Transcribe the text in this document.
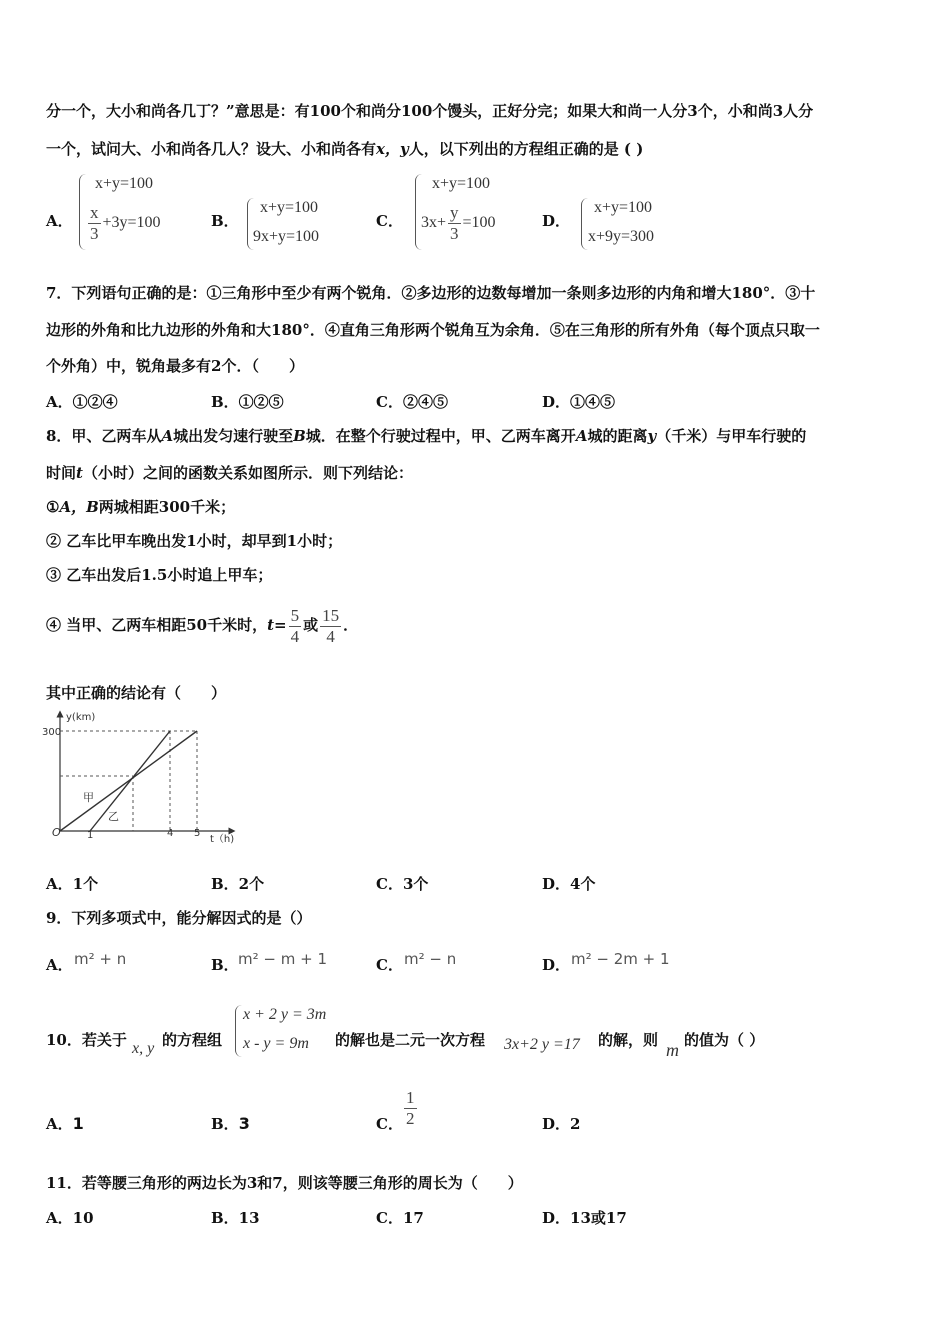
分一个，大小和尚各几丁？”意思是：有100个和尚分100个馒头，正好分完；如果大和尚一人分3个，小和尚3人分
一个，试问大、小和尚各几人？设大、小和尚各有x，y人，以下列出的方程组正确的是 ( )
A．
x+y=100
$\frac{x}{3} +3y=100$	B．
x+y=100
9x+y=100
C．
x+y=100
$3x+ \frac{y}{3} =100$	D．
x+y=100
x+9y=300
7．下列语句正确的是：①三角形中至少有两个锐角．②多边形的边数每增加一条则多边形的内角和增大180°．③十
边形的外角和比九边形的外角和大180°．④直角三角形两个锐角互为余角．⑤在三角形的所有外角（每个顶点只取一
个外角）中，锐角最多有2个．（　　）
A．①②④	B．①②⑤	C．②④⑤	D．①④⑤
8．甲、乙两车从A城出发匀速行驶至B城．在整个行驶过程中，甲、乙两车离开A城的距离y（千米）与甲车行驶的
时间t（小时）之间的函数关系如图所示．则下列结论：
①A，B两城相距300千米；
② 乙车比甲车晚出发1小时，却早到1小时；
③ 乙车出发后1.5小时追上甲车；
④ 当甲、乙两车相距50千米时，$t= \frac{5}{4}$ 或 $\frac{15}{4}$ ．
其中正确的结论有（　　）
y(km)
300
O	1	4 5
t（h)
甲
乙
A．1个	B．2个	C．3个	D．4个
9．下列多项式中，能分解因式的是（）
A． m² + n	B． m² − m + 1	C． m² − n	D． m² − 2m + 1
10．若关于 x, y 的方程组
x + 2 y = 3m
x - y = 9m 的解也是二元一次方程 3x+2 y =17 的解，则 m 的值为（ ）
A．1	B．3	C． $\frac{1}{2}$	D．2
11．若等腰三角形的两边长为3和7，则该等腰三角形的周长为（　　）
A．10	B．13	C．17	D．13或17
